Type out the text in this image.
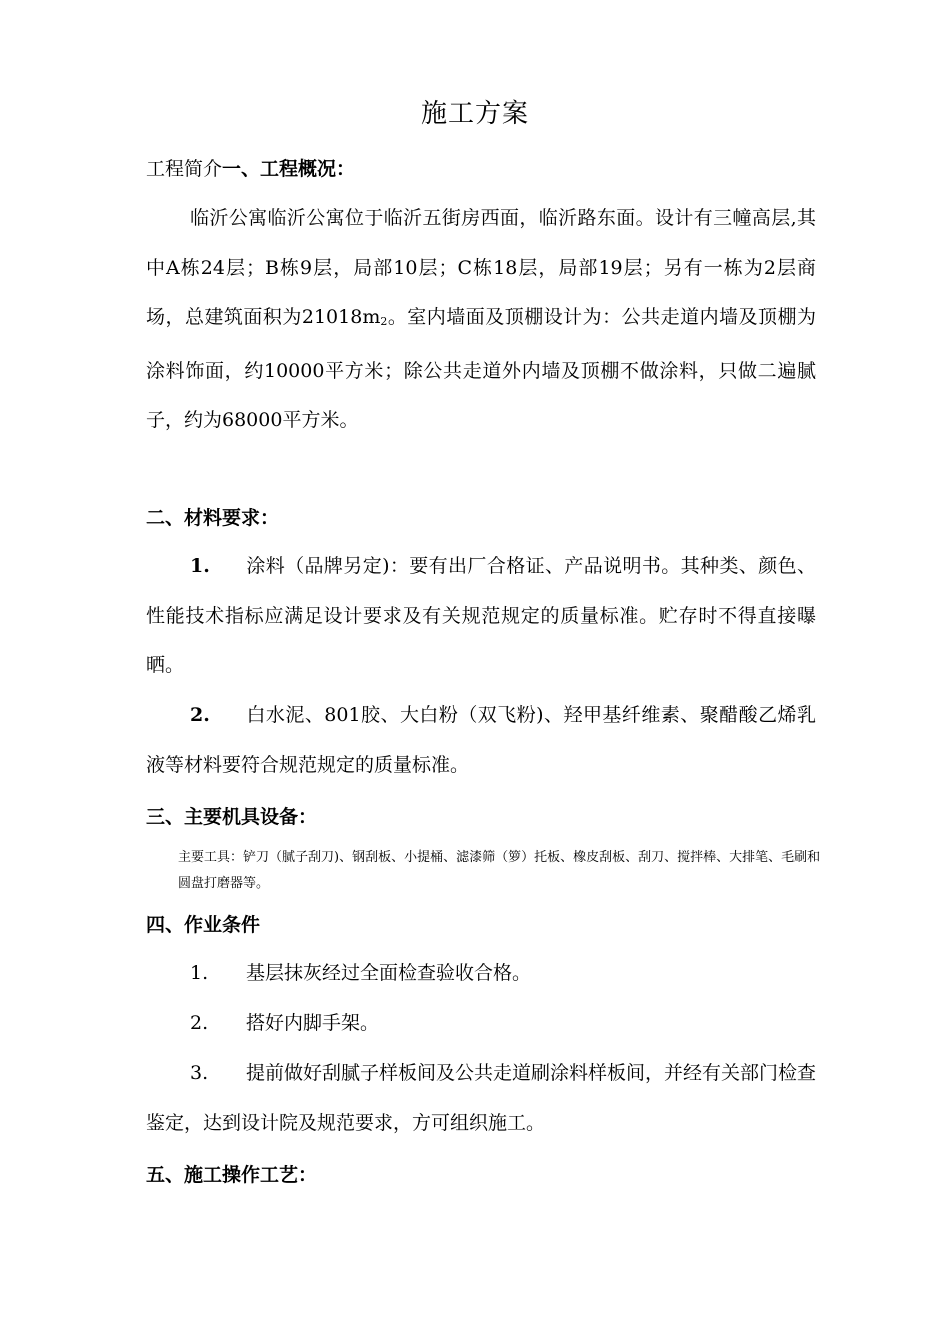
施工方案
工程简介一、工程概况：
临沂公寓临沂公寓位于临沂五街房西面，临沂路东面。设计有三幢高层,其中A栋24层；B栋9层，局部10层；C栋18层，局部19层；另有一栋为2层商场，总建筑面积为$21018m_2$。室内墙面及顶棚设计为：公共走道内墙及顶棚为涂料饰面，约10000平方米；除公共走道外内墙及顶棚不做涂料，只做二遍腻子，约为68000平方米。
二、材料要求：
1. 涂料（品牌另定)：要有出厂合格证、产品说明书。其种类、颜色、性能技术指标应满足设计要求及有关规范规定的质量标准。贮存时不得直接曝晒。
2. 白水泥、801胶、大白粉（双飞粉)、羟甲基纤维素、聚醋酸乙烯乳液等材料要符合规范规定的质量标准。
三、主要机具设备：
主要工具：铲刀（腻子刮刀)、钢刮板、小提桶、滤漆筛（箩）托板、橡皮刮板、刮刀、搅拌棒、大排笔、毛刷和圆盘打磨器等。
四、作业条件
1. 基层抹灰经过全面检查验收合格。
2. 搭好内脚手架。
3. 提前做好刮腻子样板间及公共走道刷涂料样板间，并经有关部门检查鉴定，达到设计院及规范要求，方可组织施工。
五、施工操作工艺：
